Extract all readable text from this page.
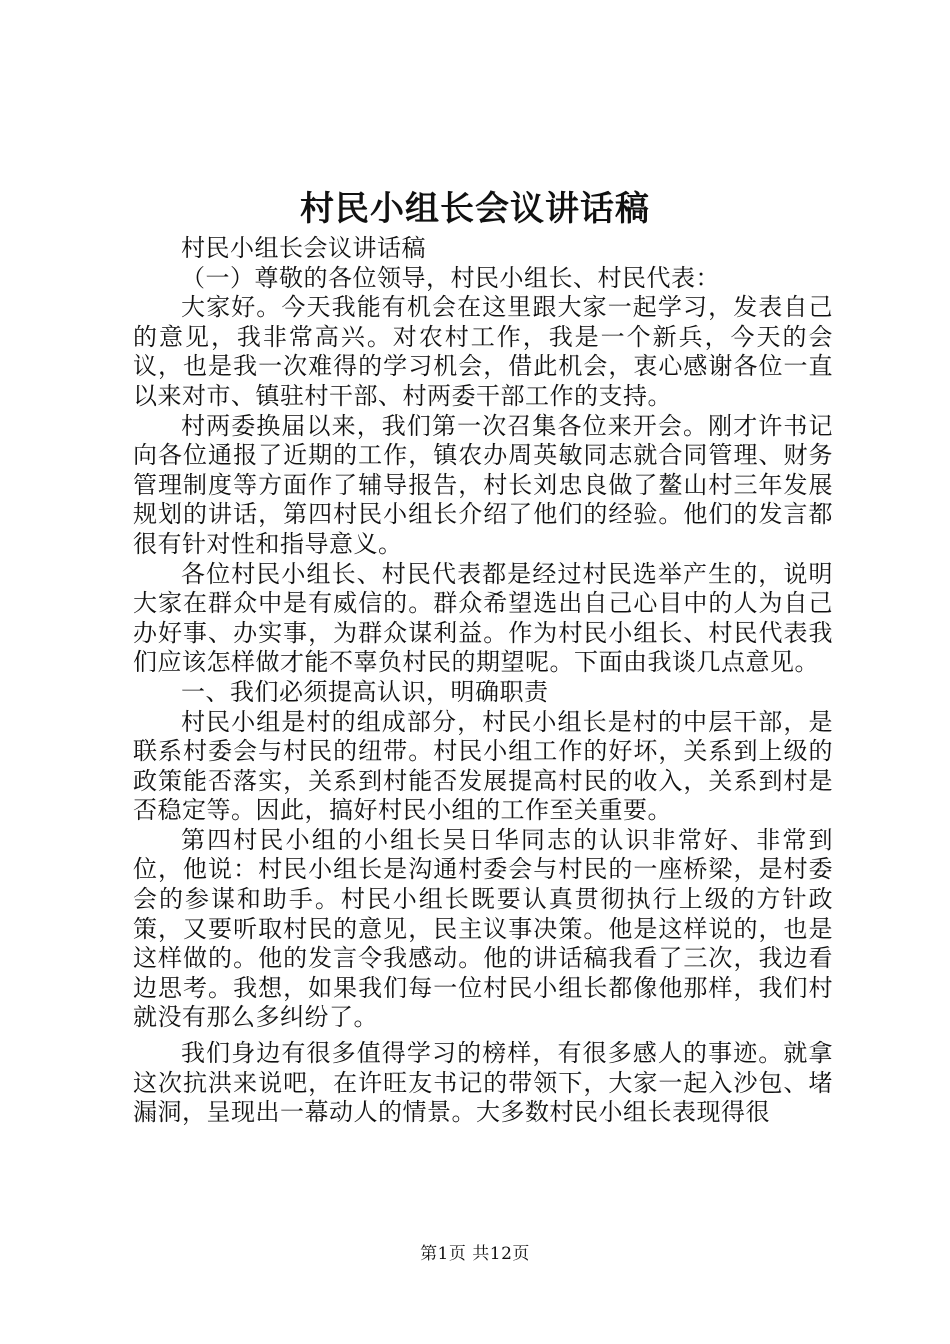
村民小组长会议讲话稿

村民小组长会议讲话稿

（一）尊敬的各位领导，村民小组长、村民代表：

大家好。今天我能有机会在这里跟大家一起学习，发表自己的意见，我非常高兴。对农村工作，我是一个新兵，今天的会议，也是我一次难得的学习机会，借此机会，衷心感谢各位一直以来对市、镇驻村干部、村两委干部工作的支持。

村两委换届以来，我们第一次召集各位来开会。刚才许书记向各位通报了近期的工作，镇农办周英敏同志就合同管理、财务管理制度等方面作了辅导报告，村长刘忠良做了鳌山村三年发展规划的讲话，第四村民小组长介绍了他们的经验。他们的发言都很有针对性和指导意义。

各位村民小组长、村民代表都是经过村民选举产生的，说明大家在群众中是有威信的。群众希望选出自己心目中的人为自己办好事、办实事，为群众谋利益。作为村民小组长、村民代表我们应该怎样做才能不辜负村民的期望呢。下面由我谈几点意见。

一、我们必须提高认识，明确职责

村民小组是村的组成部分，村民小组长是村的中层干部，是联系村委会与村民的纽带。村民小组工作的好坏，关系到上级的政策能否落实，关系到村能否发展提高村民的收入，关系到村是否稳定等。因此，搞好村民小组的工作至关重要。

第四村民小组的小组长吴日华同志的认识非常好、非常到位，他说：村民小组长是沟通村委会与村民的一座桥梁，是村委会的参谋和助手。村民小组长既要认真贯彻执行上级的方针政策，又要听取村民的意见，民主议事决策。他是这样说的，也是这样做的。他的发言令我感动。他的讲话稿我看了三次，我边看边思考。我想，如果我们每一位村民小组长都像他那样，我们村就没有那么多纠纷了。

我们身边有很多值得学习的榜样，有很多感人的事迹。就拿这次抗洪来说吧，在许旺友书记的带领下，大家一起入沙包、堵漏洞，呈现出一幕动人的情景。大多数村民小组长表现得很

第1页 共12页
